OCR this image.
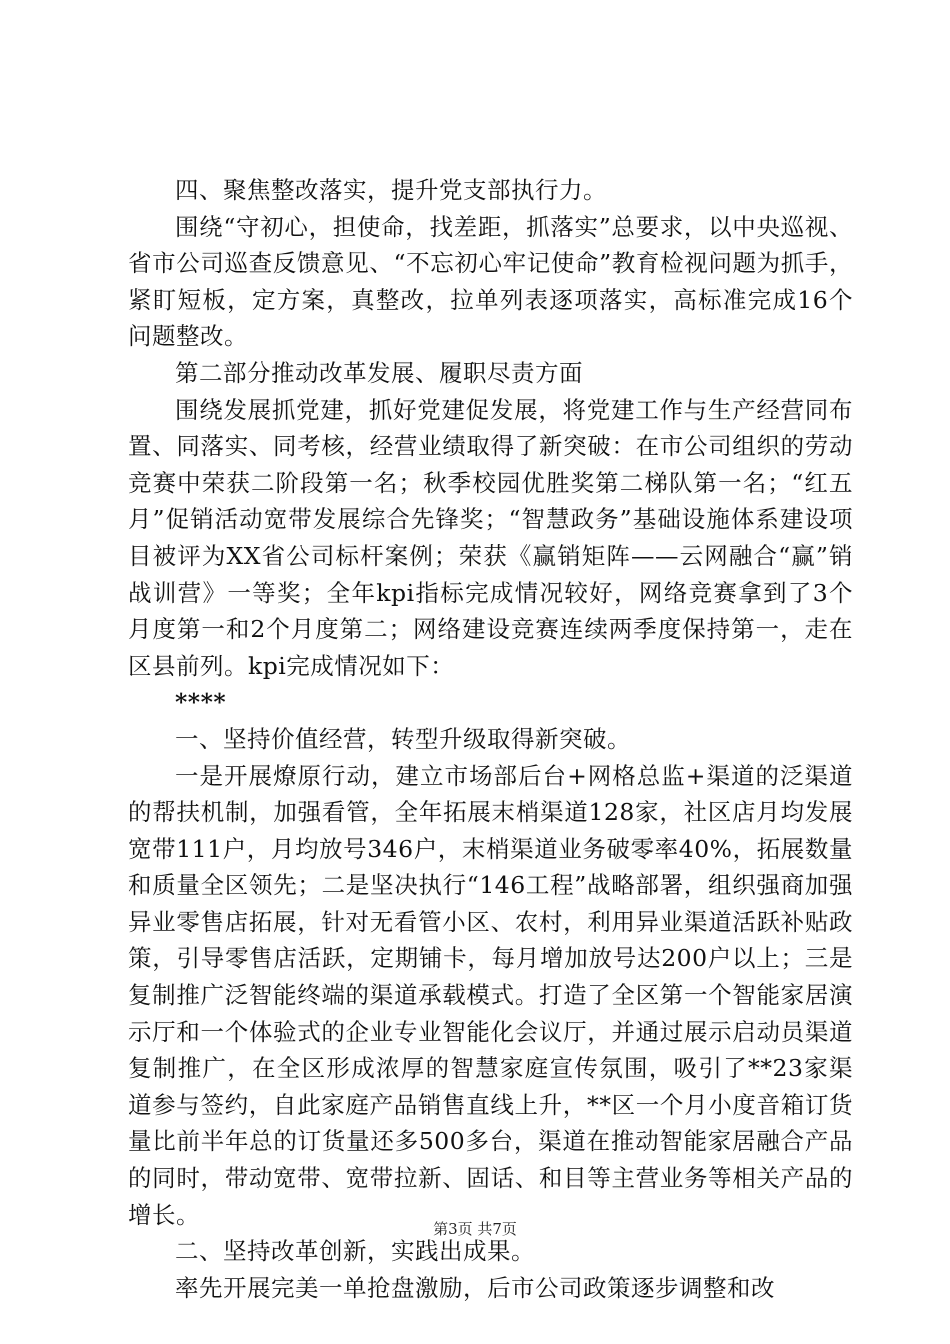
四、聚焦整改落实，提升党支部执行力。

围绕“守初心，担使命，找差距，抓落实”总要求，以中央巡视、省市公司巡查反馈意见、“不忘初心牢记使命”教育检视问题为抓手，紧盯短板，定方案，真整改，拉单列表逐项落实，高标准完成16个问题整改。

第二部分推动改革发展、履职尽责方面

围绕发展抓党建，抓好党建促发展，将党建工作与生产经营同布置、同落实、同考核，经营业绩取得了新突破：在市公司组织的劳动竞赛中荣获二阶段第一名；秋季校园优胜奖第二梯队第一名；“红五月”促销活动宽带发展综合先锋奖；“智慧政务”基础设施体系建设项目被评为XX省公司标杆案例；荣获《赢销矩阵——云网融合“赢”销战训营》一等奖；全年kpi指标完成情况较好，网络竞赛拿到了3个月度第一和2个月度第二；网络建设竞赛连续两季度保持第一，走在区县前列。kpi完成情况如下：

****

一、坚持价值经营，转型升级取得新突破。

一是开展燎原行动，建立市场部后台+网格总监+渠道的泛渠道的帮扶机制，加强看管，全年拓展末梢渠道128家，社区店月均发展宽带111户，月均放号346户，末梢渠道业务破零率40%，拓展数量和质量全区领先；二是坚决执行“146工程”战略部署，组织强商加强异业零售店拓展，针对无看管小区、农村，利用异业渠道活跃补贴政策，引导零售店活跃，定期铺卡，每月增加放号达200户以上；三是复制推广泛智能终端的渠道承载模式。打造了全区第一个智能家居演示厅和一个体验式的企业专业智能化会议厅，并通过展示启动员渠道复制推广，在全区形成浓厚的智慧家庭宣传氛围，吸引了**23家渠道参与签约，自此家庭产品销售直线上升，**区一个月小度音箱订货量比前半年总的订货量还多500多台，渠道在推动智能家居融合产品的同时，带动宽带、宽带拉新、固话、和目等主营业务等相关产品的增长。

二、坚持改革创新，实践出成果。

率先开展完美一单抢盘激励，后市公司政策逐步调整和改

第3页 共7页
